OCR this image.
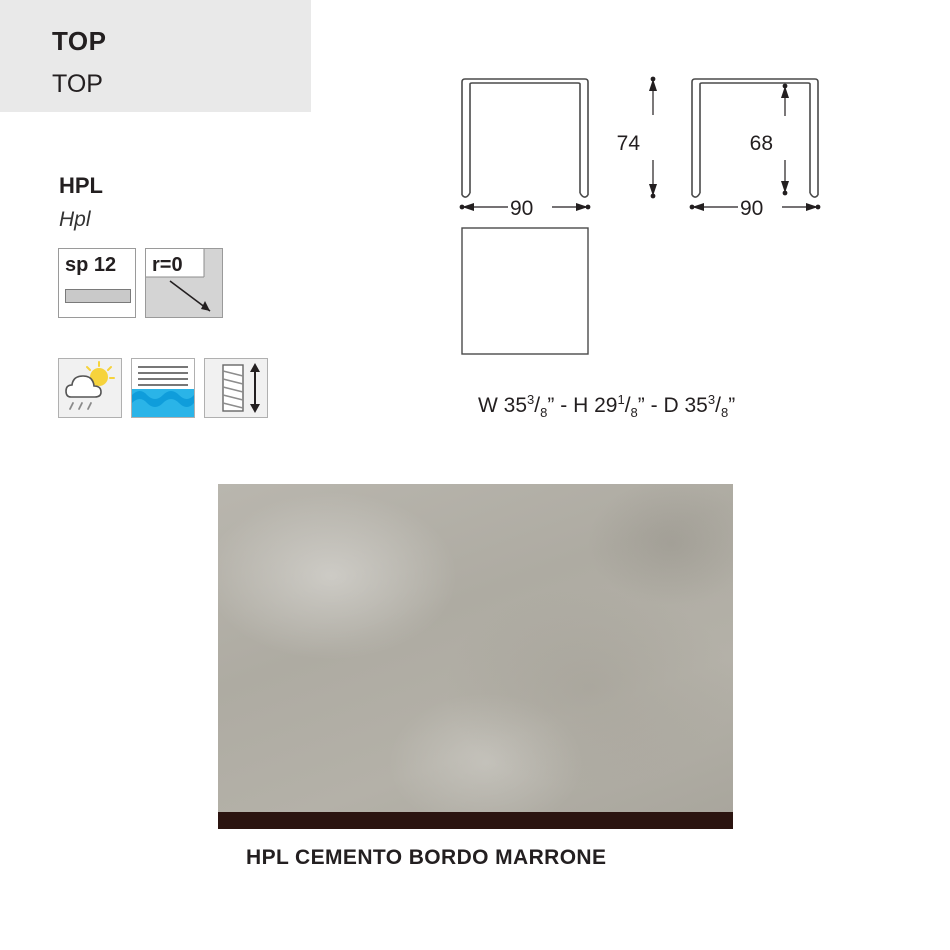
TOP
TOP
HPL
Hpl
sp 12 r=0
90	90
74	68
W $35^3/_8$” - H $29^1/_8$” - D $35^3/_8$”
HPL CEMENTO BORDO MARRONE
